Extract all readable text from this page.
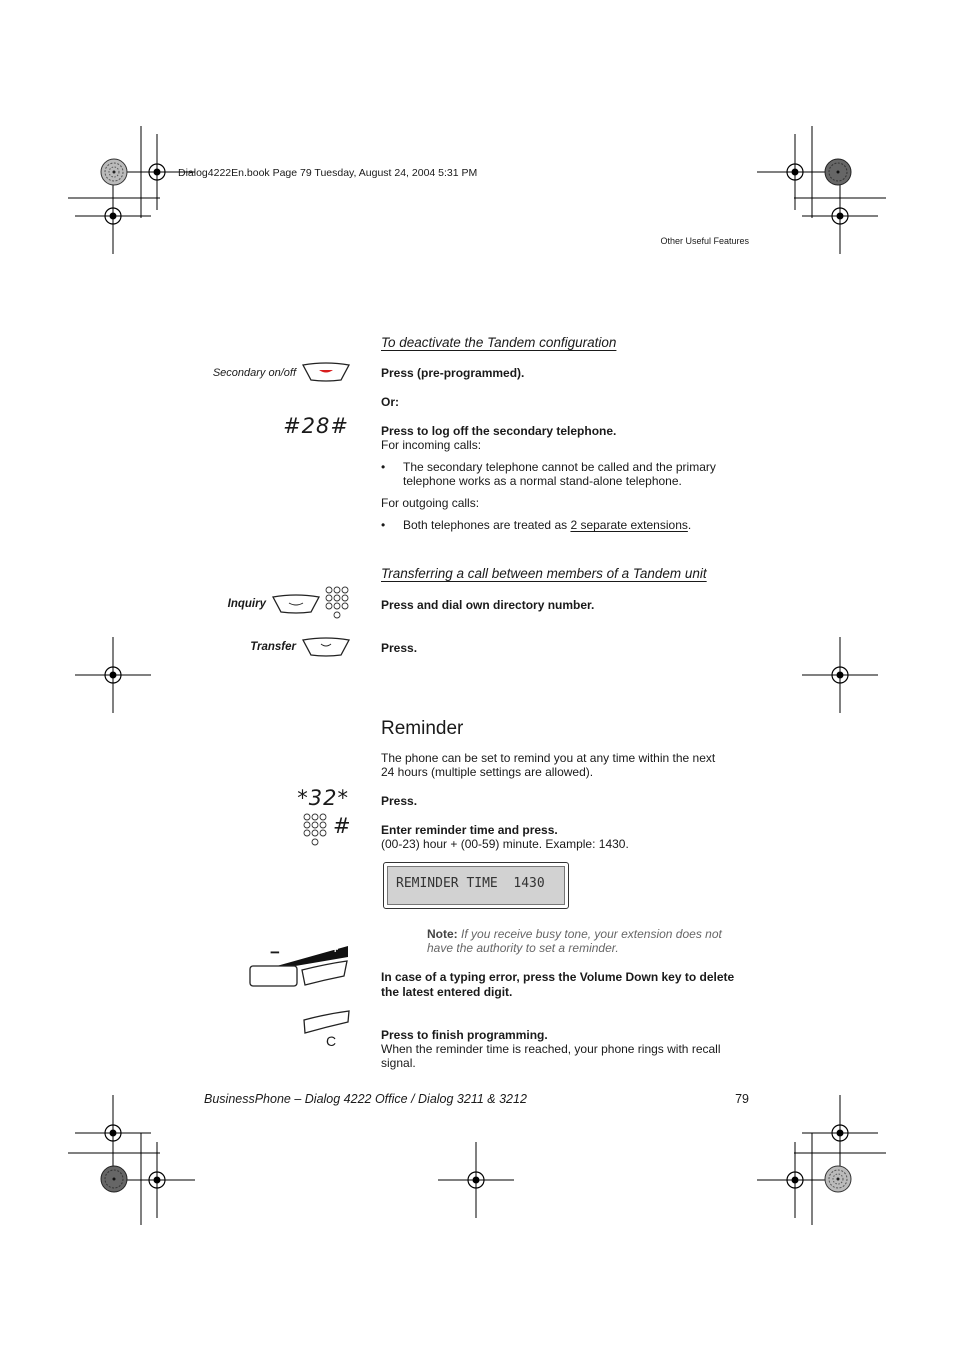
Dialog4222En.book Page 79 Tuesday, August 24, 2004 5:31 PM
Other Useful Features
To deactivate the Tandem configuration
Secondary on/off	Press (pre-programmed).
Or:
#28#	Press to log off the secondary telephone.
For incoming calls:
• The secondary telephone cannot be called and the primary
telephone works as a normal stand-alone telephone.
For outgoing calls:
• Both telephones are treated as 2 separate extensions.
Transferring a call between members of a Tandem unit
Inquiry	Press and dial own directory number.
Transfer	Press.
Reminder
The phone can be set to remind you at any time within the next
24 hours (multiple settings are allowed).
*32*	Press.
#	Enter reminder time and press.
(00-23) hour + (00-59) minute. Example: 1430.
REMINDER TIME  1430
Note: If you receive busy tone, your extension does not
have the authority to set a reminder.
−	+
In case of a typing error, press the Volume Down key to delete
the latest entered digit.
C	Press to finish programming.
When the reminder time is reached, your phone rings with recall
signal.
BusinessPhone – Dialog 4222 Office / Dialog 3211 & 3212	79
